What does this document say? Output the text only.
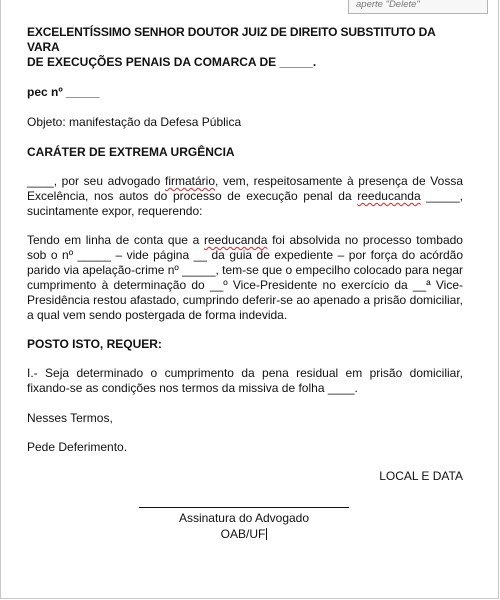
aperte "Delete"

EXCELENTÍSSIMO SENHOR DOUTOR JUIZ DE DIREITO SUBSTITUTO DA VARA

DE EXECUÇÕES PENAIS DA COMARCA DE _____.

pec nº _____

Objeto: manifestação da Defesa Pública

CARÁTER DE EXTREMA URGÊNCIA

____, por seu advogado firmatário, vem, respeitosamente à presença de Vossa Excelência, nos autos do processo de execução penal da reeducanda _____, sucintamente expor, requerendo:

Tendo em linha de conta que a reeducanda foi absolvida no processo tombado sob o nº _____ – vide página __ da guia de expediente – por força do acórdão parido via apelação-crime nº _____, tem-se que o empecilho colocado para negar cumprimento à determinação do __º Vice-Presidente no exercício da __ª Vice-Presidência restou afastado, cumprindo deferir-se ao apenado a prisão domiciliar, a qual vem sendo postergada de forma indevida.

POSTO ISTO, REQUER:

I.- Seja determinado o cumprimento da pena residual em prisão domiciliar, fixando-se as condições nos termos da missiva de folha ____.

Nesses Termos,

Pede Deferimento.

LOCAL E DATA

Assinatura do Advogado
OAB/UF
